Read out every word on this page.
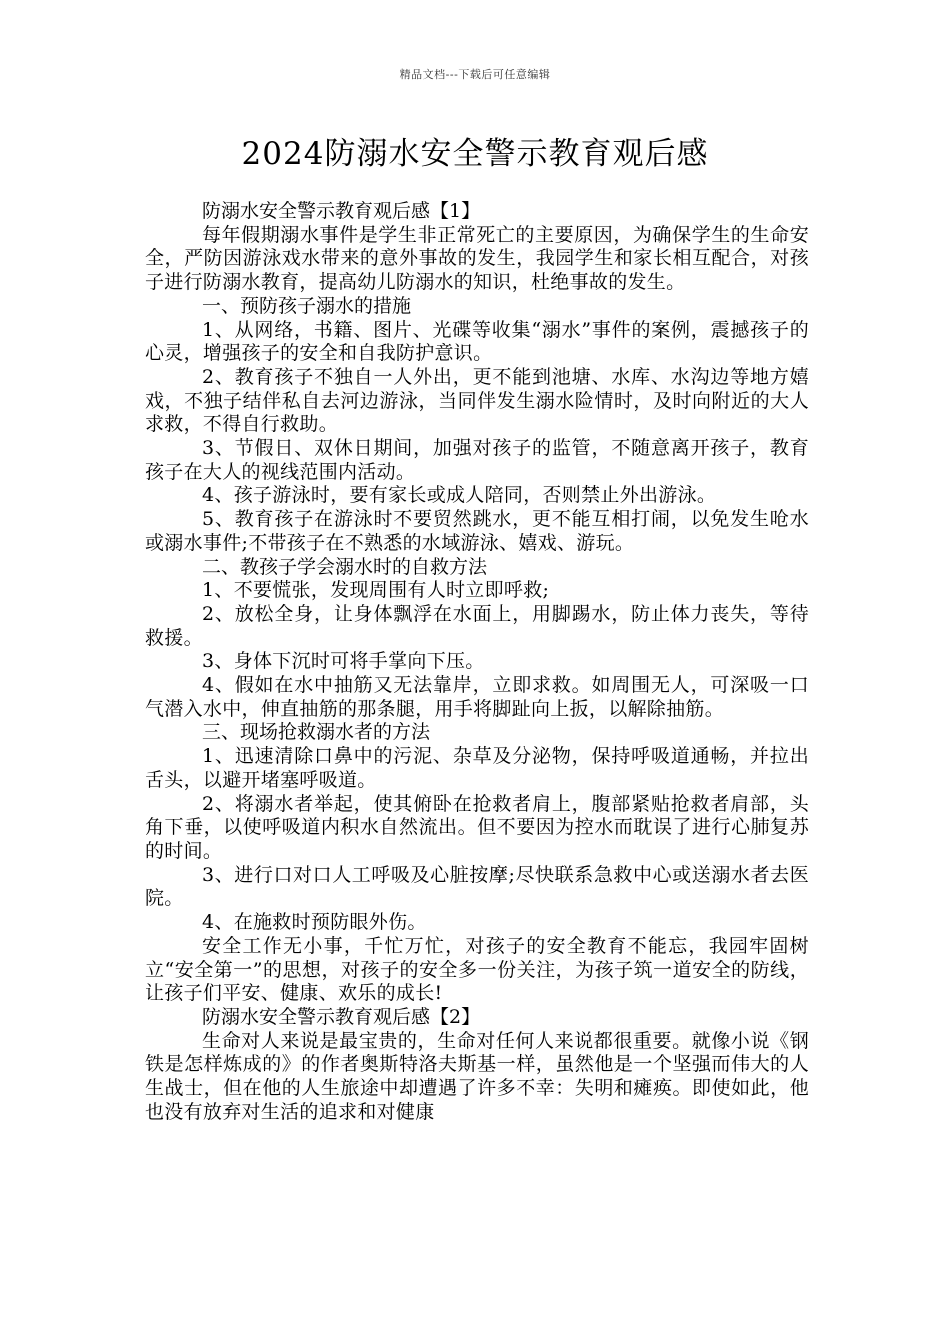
精品文档---下载后可任意编辑
2024防溺水安全警示教育观后感

防溺水安全警示教育观后感【1】

每年假期溺水事件是学生非正常死亡的主要原因，为确保学生的生命安全，严防因游泳戏水带来的意外事故的发生，我园学生和家长相互配合，对孩子进行防溺水教育，提高幼儿防溺水的知识，杜绝事故的发生。

一、预防孩子溺水的措施

1、从网络，书籍、图片、光碟等收集“溺水”事件的案例，震撼孩子的心灵，增强孩子的安全和自我防护意识。

2、教育孩子不独自一人外出，更不能到池塘、水库、水沟边等地方嬉戏，不独子结伴私自去河边游泳，当同伴发生溺水险情时，及时向附近的大人求救，不得自行救助。

3、节假日、双休日期间，加强对孩子的监管，不随意离开孩子，教育孩子在大人的视线范围内活动。

4、孩子游泳时，要有家长或成人陪同，否则禁止外出游泳。

5、教育孩子在游泳时不要贸然跳水，更不能互相打闹，以免发生呛水或溺水事件;不带孩子在不熟悉的水域游泳、嬉戏、游玩。

二、教孩子学会溺水时的自救方法

1、不要慌张，发现周围有人时立即呼救;

2、放松全身，让身体飘浮在水面上，用脚踢水，防止体力丧失，等待救援。

3、身体下沉时可将手掌向下压。

4、假如在水中抽筋又无法靠岸，立即求救。如周围无人，可深吸一口气潜入水中，伸直抽筋的那条腿，用手将脚趾向上扳，以解除抽筋。

三、现场抢救溺水者的方法

1、迅速清除口鼻中的污泥、杂草及分泌物，保持呼吸道通畅，并拉出舌头，以避开堵塞呼吸道。

2、将溺水者举起，使其俯卧在抢救者肩上，腹部紧贴抢救者肩部，头角下垂，以使呼吸道内积水自然流出。但不要因为控水而耽误了进行心肺复苏的时间。

3、进行口对口人工呼吸及心脏按摩;尽快联系急救中心或送溺水者去医院。

4、在施救时预防眼外伤。

安全工作无小事，千忙万忙，对孩子的安全教育不能忘，我园牢固树立“安全第一”的思想，对孩子的安全多一份关注，为孩子筑一道安全的防线，让孩子们平安、健康、欢乐的成长!

防溺水安全警示教育观后感【2】

生命对人来说是最宝贵的，生命对任何人来说都很重要。就像小说《钢铁是怎样炼成的》的作者奥斯特洛夫斯基一样，虽然他是一个坚强而伟大的人生战士，但在他的人生旅途中却遭遇了许多不幸：失明和瘫痪。即使如此，他也没有放弃对生活的追求和对健康
